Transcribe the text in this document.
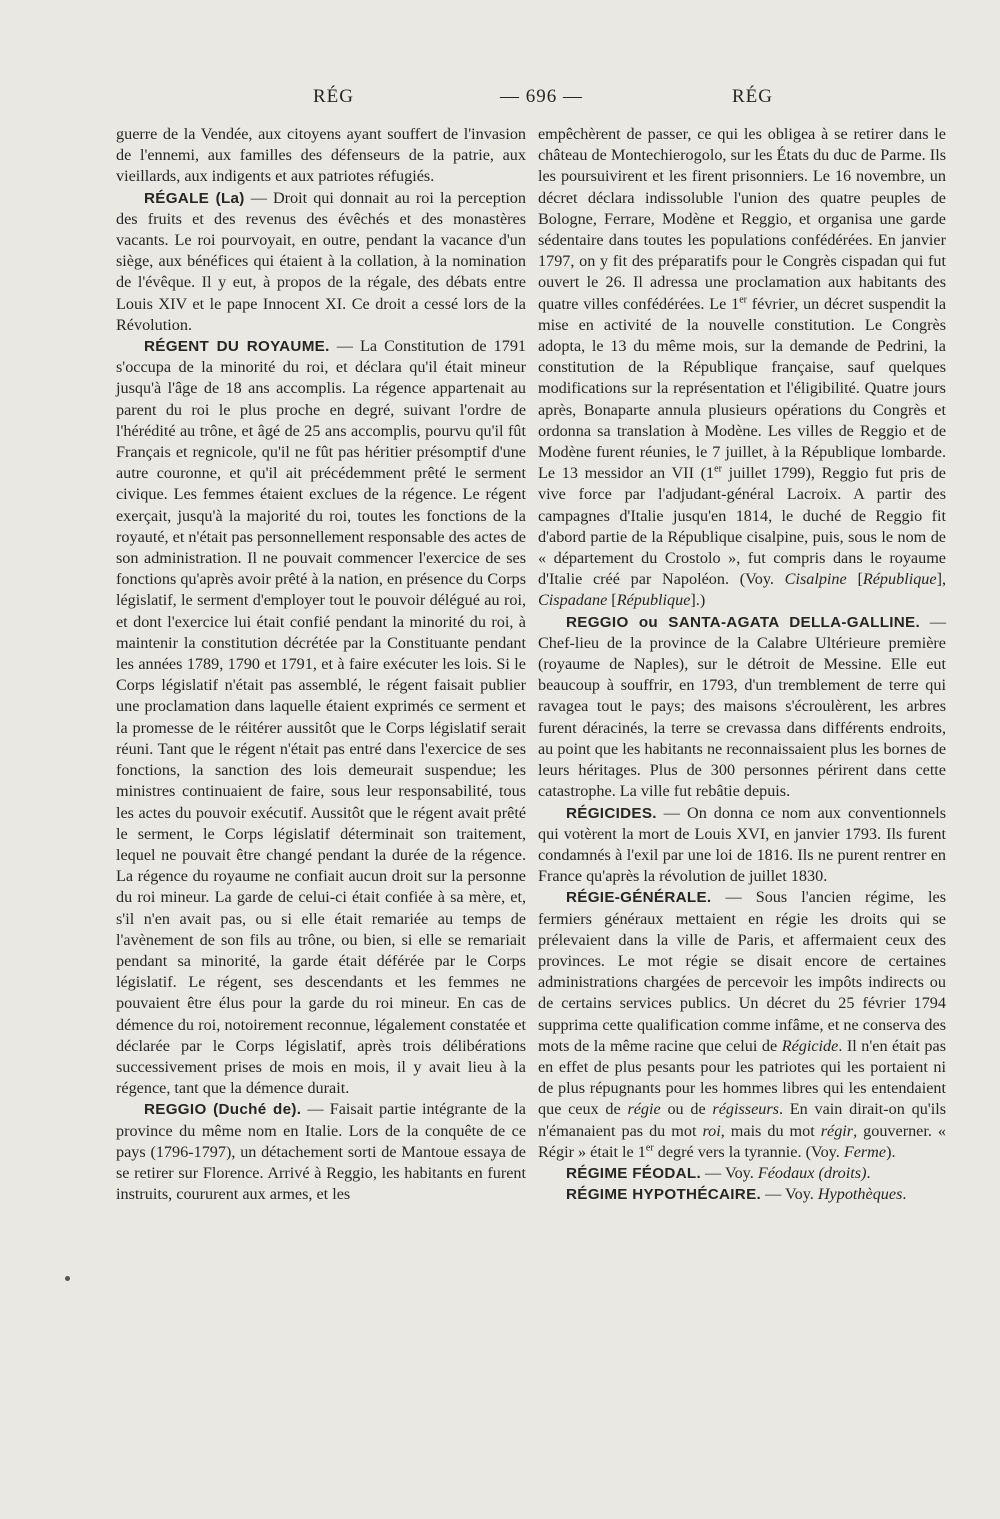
RÉG	— 696 —	RÉG

guerre de la Vendée, aux citoyens ayant souffert de l'invasion de l'ennemi, aux familles des défenseurs de la patrie, aux vieillards, aux indigents et aux patriotes réfugiés.

RÉGALE (La) — Droit qui donnait au roi la perception des fruits et des revenus des évêchés et des monastères vacants. Le roi pourvoyait, en outre, pendant la vacance d'un siège, aux bénéfices qui étaient à la collation, à la nomination de l'évêque. Il y eut, à propos de la régale, des débats entre Louis XIV et le pape Innocent XI. Ce droit a cessé lors de la Révolution.

RÉGENT DU ROYAUME. — La Constitution de 1791 s'occupa de la minorité du roi, et déclara qu'il était mineur jusqu'à l'âge de 18 ans accomplis. La régence appartenait au parent du roi le plus proche en degré, suivant l'ordre de l'hérédité au trône, et âgé de 25 ans accomplis, pourvu qu'il fût Français et regnicole, qu'il ne fût pas héritier présomptif d'une autre couronne, et qu'il ait précédemment prêté le serment civique. Les femmes étaient exclues de la régence. Le régent exerçait, jusqu'à la majorité du roi, toutes les fonctions de la royauté, et n'était pas personnellement responsable des actes de son administration. Il ne pouvait commencer l'exercice de ses fonctions qu'après avoir prêté à la nation, en présence du Corps législatif, le serment d'employer tout le pouvoir délégué au roi, et dont l'exercice lui était confié pendant la minorité du roi, à maintenir la constitution décrétée par la Constituante pendant les années 1789, 1790 et 1791, et à faire exécuter les lois. Si le Corps législatif n'était pas assemblé, le régent faisait publier une proclamation dans laquelle étaient exprimés ce serment et la promesse de le réitérer aussitôt que le Corps législatif serait réuni. Tant que le régent n'était pas entré dans l'exercice de ses fonctions, la sanction des lois demeurait suspendue; les ministres continuaient de faire, sous leur responsabilité, tous les actes du pouvoir exécutif. Aussitôt que le régent avait prêté le serment, le Corps législatif déterminait son traitement, lequel ne pouvait être changé pendant la durée de la régence. La régence du royaume ne confiait aucun droit sur la personne du roi mineur. La garde de celui-ci était confiée à sa mère, et, s'il n'en avait pas, ou si elle était remariée au temps de l'avènement de son fils au trône, ou bien, si elle se remariait pendant sa minorité, la garde était déférée par le Corps législatif. Le régent, ses descendants et les femmes ne pouvaient être élus pour la garde du roi mineur. En cas de démence du roi, notoirement reconnue, légalement constatée et déclarée par le Corps législatif, après trois délibérations successivement prises de mois en mois, il y avait lieu à la régence, tant que la démence durait.

REGGIO (Duché de). — Faisait partie intégrante de la province du même nom en Italie. Lors de la conquête de ce pays (1796-1797), un détachement sorti de Mantoue essaya de se retirer sur Florence. Arrivé à Reggio, les habitants en furent instruits, coururent aux armes, et les

empêchèrent de passer, ce qui les obligea à se retirer dans le château de Montechierogolo, sur les États du duc de Parme. Ils les poursuivirent et les firent prisonniers. Le 16 novembre, un décret déclara indissoluble l'union des quatre peuples de Bologne, Ferrare, Modène et Reggio, et organisa une garde sédentaire dans toutes les populations confédérées. En janvier 1797, on y fit des préparatifs pour le Congrès cispadan qui fut ouvert le 26. Il adressa une proclamation aux habitants des quatre villes confédérées. Le 1er février, un décret suspendit la mise en activité de la nouvelle constitution. Le Congrès adopta, le 13 du même mois, sur la demande de Pedrini, la constitution de la République française, sauf quelques modifications sur la représentation et l'éligibilité. Quatre jours après, Bonaparte annula plusieurs opérations du Congrès et ordonna sa translation à Modène. Les villes de Reggio et de Modène furent réunies, le 7 juillet, à la République lombarde. Le 13 messidor an VII (1er juillet 1799), Reggio fut pris de vive force par l'adjudant-général Lacroix. A partir des campagnes d'Italie jusqu'en 1814, le duché de Reggio fit d'abord partie de la République cisalpine, puis, sous le nom de « département du Crostolo », fut compris dans le royaume d'Italie créé par Napoléon. (Voy. Cisalpine [République], Cispadane [République].)

REGGIO ou SANTA-AGATA DELLA-GALLINE. — Chef-lieu de la province de la Calabre Ultérieure première (royaume de Naples), sur le détroit de Messine. Elle eut beaucoup à souffrir, en 1793, d'un tremblement de terre qui ravagea tout le pays; des maisons s'écroulèrent, les arbres furent déracinés, la terre se crevassa dans différents endroits, au point que les habitants ne reconnaissaient plus les bornes de leurs héritages. Plus de 300 personnes périrent dans cette catastrophe. La ville fut rebâtie depuis.

RÉGICIDES. — On donna ce nom aux conventionnels qui votèrent la mort de Louis XVI, en janvier 1793. Ils furent condamnés à l'exil par une loi de 1816. Ils ne purent rentrer en France qu'après la révolution de juillet 1830.

RÉGIE-GÉNÉRALE. — Sous l'ancien régime, les fermiers généraux mettaient en régie les droits qui se prélevaient dans la ville de Paris, et affermaient ceux des provinces. Le mot régie se disait encore de certaines administrations chargées de percevoir les impôts indirects ou de certains services publics. Un décret du 25 février 1794 supprima cette qualification comme infâme, et ne conserva des mots de la même racine que celui de Régicide. Il n'en était pas en effet de plus pesants pour les patriotes qui les portaient ni de plus répugnants pour les hommes libres qui les entendaient que ceux de régie ou de régisseurs. En vain dirait-on qu'ils n'émanaient pas du mot roi, mais du mot régir, gouverner. « Régir » était le 1er degré vers la tyrannie. (Voy. Ferme).

RÉGIME FÉODAL. — Voy. Féodaux (droits).

RÉGIME HYPOTHÉCAIRE. — Voy. Hypothèques.
